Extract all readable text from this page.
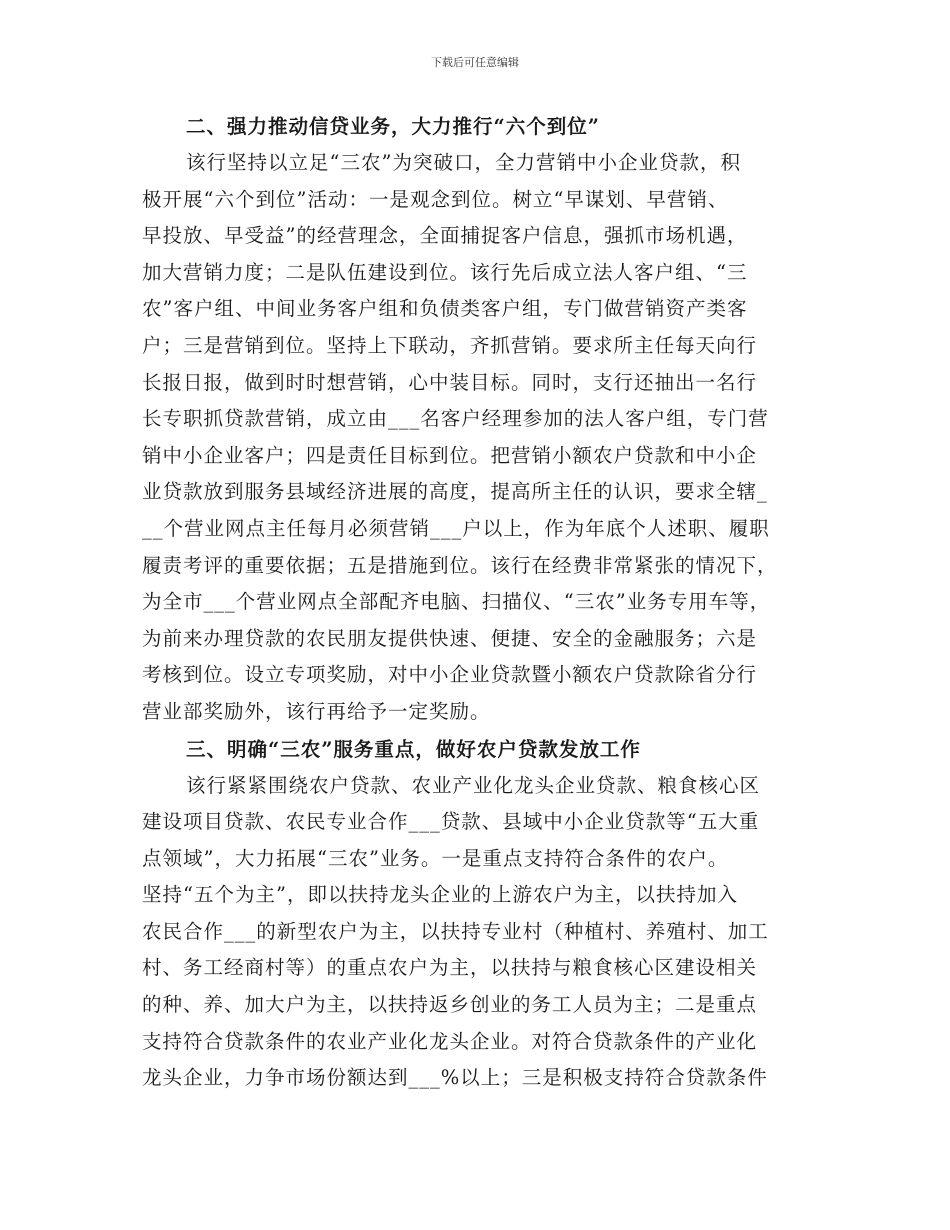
下载后可任意编辑

二、强力推动信贷业务，大力推行“六个到位”

该行坚持以立足“三农”为突破口，全力营销中小企业贷款，积

极开展“六个到位”活动：一是观念到位。树立“早谋划、早营销、

早投放、早受益”的经营理念，全面捕捉客户信息，强抓市场机遇，

加大营销力度；二是队伍建设到位。该行先后成立法人客户组、“三

农”客户组、中间业务客户组和负债类客户组，专门做营销资产类客

户；三是营销到位。坚持上下联动，齐抓营销。要求所主任每天向行

长报日报，做到时时想营销，心中装目标。同时，支行还抽出一名行

长专职抓贷款营销，成立由___名客户经理参加的法人客户组，专门营

销中小企业客户；四是责任目标到位。把营销小额农户贷款和中小企

业贷款放到服务县域经济进展的高度，提高所主任的认识，要求全辖_

__个营业网点主任每月必须营销___户以上，作为年底个人述职、履职

履责考评的重要依据；五是措施到位。该行在经费非常紧张的情况下，

为全市___个营业网点全部配齐电脑、扫描仪、“三农”业务专用车等，

为前来办理贷款的农民朋友提供快速、便捷、安全的金融服务；六是

考核到位。设立专项奖励，对中小企业贷款暨小额农户贷款除省分行

营业部奖励外，该行再给予一定奖励。

三、明确“三农”服务重点，做好农户贷款发放工作

该行紧紧围绕农户贷款、农业产业化龙头企业贷款、粮食核心区

建设项目贷款、农民专业合作___贷款、县域中小企业贷款等“五大重

点领域”，大力拓展“三农”业务。一是重点支持符合条件的农户。

坚持“五个为主”，即以扶持龙头企业的上游农户为主，以扶持加入

农民合作___的新型农户为主，以扶持专业村（种植村、养殖村、加工

村、务工经商村等）的重点农户为主，以扶持与粮食核心区建设相关

的种、养、加大户为主，以扶持返乡创业的务工人员为主；二是重点

支持符合贷款条件的农业产业化龙头企业。对符合贷款条件的产业化

龙头企业，力争市场份额达到___%以上；三是积极支持符合贷款条件
